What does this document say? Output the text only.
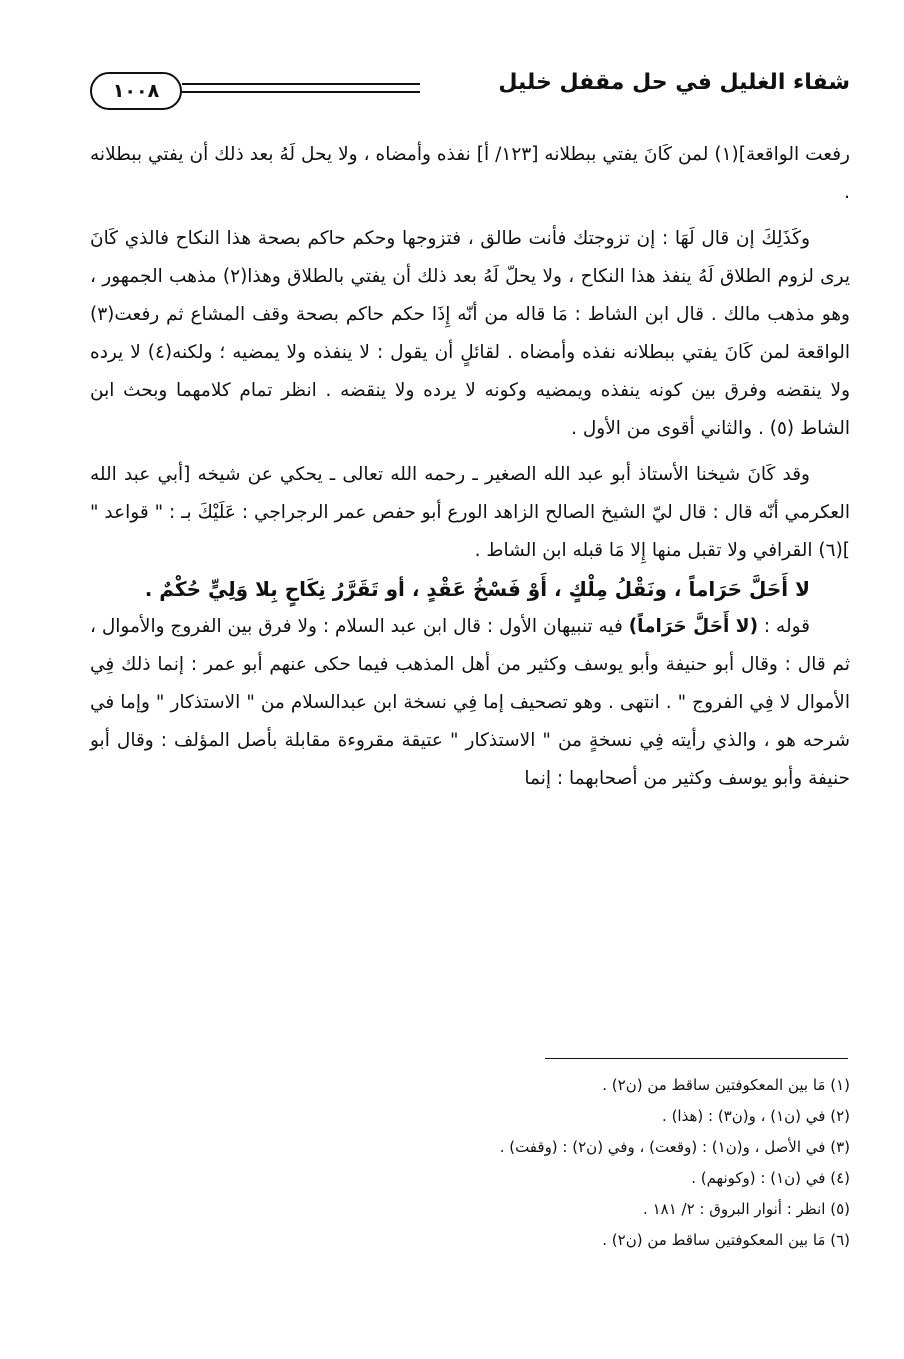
١٠٠٨	شفاء الغليل في حل مقفل خليل

رفعت الواقعة](١) لمن كَانَ يفتي ببطلانه [١٢٣/ أ] نفذه وأمضاه ، ولا يحل لَهُ بعد ذلك أن يفتي ببطلانه .

وكَذَلِكَ إن قال لَهَا : إن تزوجتك فأنت طالق ، فتزوجها وحكم حاكم بصحة هذا النكاح فالذي كَانَ يرى لزوم الطلاق لَهُ ينفذ هذا النكاح ، ولا يحلّ لَهُ بعد ذلك أن يفتي بالطلاق وهذا(٢) مذهب الجمهور ، وهو مذهب مالك . قال ابن الشاط : مَا قاله من أنّه إِذَا حكم حاكم بصحة وقف المشاع ثم رفعت(٣) الواقعة لمن كَانَ يفتي ببطلانه نفذه وأمضاه . لقائلٍ أن يقول : لا ينفذه ولا يمضيه ؛ ولكنه(٤) لا يرده ولا ينقضه وفرق بين كونه ينفذه ويمضيه وكونه لا يرده ولا ينقضه . انظر تمام كلامهما وبحث ابن الشاط (٥) . والثاني أقوى من الأول .

وقد كَانَ شيخنا الأستاذ أبو عبد الله الصغير ـ رحمه الله تعالى ـ يحكي عن شيخه [أبي عبد الله العكرمي أنّه قال : قال ليّ الشيخ الصالح الزاهد الورع أبو حفص عمر الرجراجي : عَلَيْكَ بـ : " قواعد " ](٦) القرافي ولا تقبل منها إِلا مَا قبله ابن الشاط .

لا أَحَلَّ حَرَاماً ، ونَقْلُ مِلْكٍ ، أَوْ فَسْخُ عَقْدٍ ، أو تَقَرَّرُ نِكَاحٍ بِلا وَلِيٍّ حُكْمٌ .

قوله : (لا أَحَلَّ حَرَاماً) فيه تنبيهان الأول : قال ابن عبد السلام : ولا فرق بين الفروج والأموال ، ثم قال : وقال أبو حنيفة وأبو يوسف وكثير من أهل المذهب فيما حكى عنهم أبو عمر : إنما ذلك فِي الأموال لا فِي الفروج " . انتهى . وهو تصحيف إما فِي نسخة ابن عبدالسلام من " الاستذكار " وإما في شرحه هو ، والذي رأيته فِي نسخةٍ من " الاستذكار " عتيقة مقروءة مقابلة بأصل المؤلف : وقال أبو حنيفة وأبو يوسف وكثير من أصحابهما : إنما

(١) مَا بين المعكوفتين ساقط من (ن٢) .
(٢) في (ن١) ، و(ن٣) : (هذا) .
(٣) في الأصل ، و(ن١) : (وقعت) ، وفي (ن٢) : (وقفت) .
(٤) في (ن١) : (وكونهم) .
(٥) انظر : أنوار البروق : ٢/ ١٨١ .
(٦) مَا بين المعكوفتين ساقط من (ن٢) .
